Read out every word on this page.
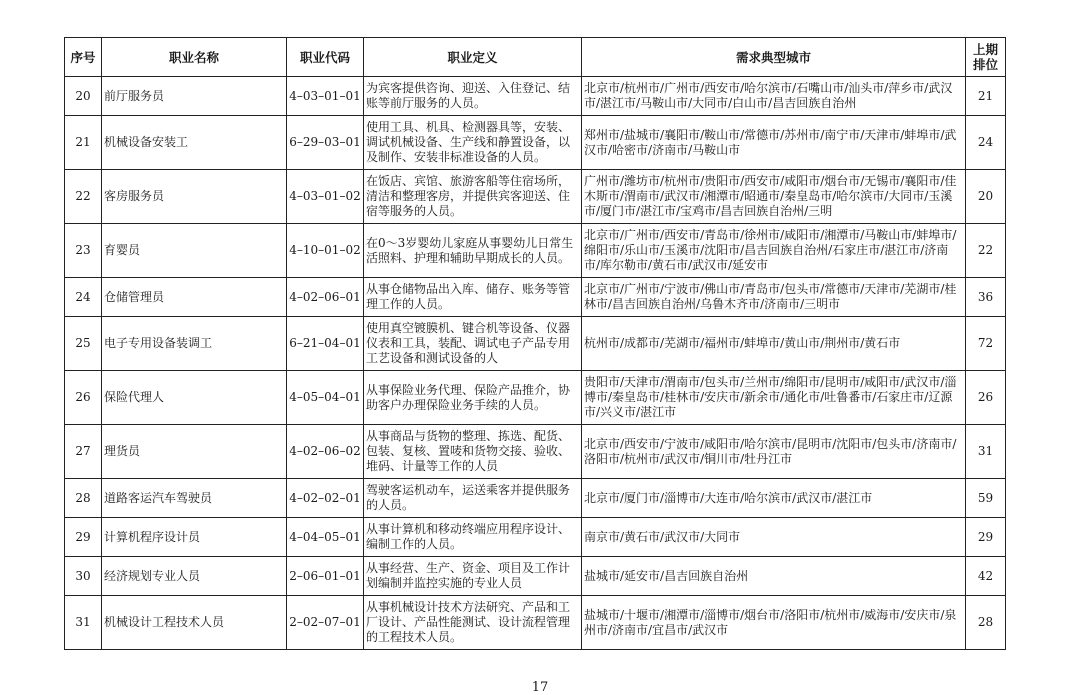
序号	职业名称	职业代码	职业定义	需求典型城市	上期排位
20	前厅服务员	4–03–01–01	为宾客提供咨询、迎送、入住登记、结账等前厅服务的人员。	北京市/杭州市/广州市/西安市/哈尔滨市/石嘴山市/汕头市/萍乡市/武汉市/湛江市/马鞍山市/大同市/白山市/昌吉回族自治州	21
21	机械设备安装工	6–29–03–01	使用工具、机具、检测器具等，安装、调试机械设备、生产线和静置设备，以及制作、安装非标准设备的人员。	郑州市/盐城市/襄阳市/鞍山市/常德市/苏州市/南宁市/天津市/蚌埠市/武汉市/哈密市/济南市/马鞍山市	24
22	客房服务员	4–03–01–02	在饭店、宾馆、旅游客船等住宿场所，清洁和整理客房，并提供宾客迎送、住宿等服务的人员。	广州市/潍坊市/杭州市/贵阳市/西安市/咸阳市/烟台市/无锡市/襄阳市/佳木斯市/渭南市/武汉市/湘潭市/昭通市/秦皇岛市/哈尔滨市/大同市/玉溪市/厦门市/湛江市/宝鸡市/昌吉回族自治州/三明	20
23	育婴员	4–10–01–02	在0～3岁婴幼儿家庭从事婴幼儿日常生活照料、护理和辅助早期成长的人员。	北京市/广州市/西安市/青岛市/徐州市/咸阳市/湘潭市/马鞍山市/蚌埠市/绵阳市/乐山市/玉溪市/沈阳市/昌吉回族自治州/石家庄市/湛江市/济南市/库尔勒市/黄石市/武汉市/延安市	22
24	仓储管理员	4–02–06–01	从事仓储物品出入库、储存、账务等管理工作的人员。	北京市/广州市/宁波市/佛山市/青岛市/包头市/常德市/天津市/芜湖市/桂林市/昌吉回族自治州/乌鲁木齐市/济南市/三明市	36
25	电子专用设备装调工	6–21–04–01	使用真空镀膜机、键合机等设备、仪器仪表和工具，装配、调试电子产品专用工艺设备和测试设备的人	杭州市/成都市/芜湖市/福州市/蚌埠市/黄山市/荆州市/黄石市	72
26	保险代理人	4–05–04–01	从事保险业务代理、保险产品推介，协助客户办理保险业务手续的人员。	贵阳市/天津市/渭南市/包头市/兰州市/绵阳市/昆明市/咸阳市/武汉市/淄博市/秦皇岛市/桂林市/安庆市/新余市/通化市/吐鲁番市/石家庄市/辽源市/兴义市/湛江市	26
27	理货员	4–02–06–02	从事商品与货物的整理、拣选、配货、包装、复核、置唛和货物交接、验收、堆码、计量等工作的人员	北京市/西安市/宁波市/咸阳市/哈尔滨市/昆明市/沈阳市/包头市/济南市/洛阳市/杭州市/武汉市/铜川市/牡丹江市	31
28	道路客运汽车驾驶员	4–02–02–01	驾驶客运机动车，运送乘客并提供服务的人员。	北京市/厦门市/淄博市/大连市/哈尔滨市/武汉市/湛江市	59
29	计算机程序设计员	4–04–05–01	从事计算机和移动终端应用程序设计、编制工作的人员。	南京市/黄石市/武汉市/大同市	29
30	经济规划专业人员	2–06–01–01	从事经营、生产、资金、项目及工作计划编制并监控实施的专业人员	盐城市/延安市/昌吉回族自治州	42
31	机械设计工程技术人员	2–02–07–01	从事机械设计技术方法研究、产品和工厂设计、产品性能测试、设计流程管理的工程技术人员。	盐城市/十堰市/湘潭市/淄博市/烟台市/洛阳市/杭州市/威海市/安庆市/泉州市/济南市/宜昌市/武汉市	28
17
